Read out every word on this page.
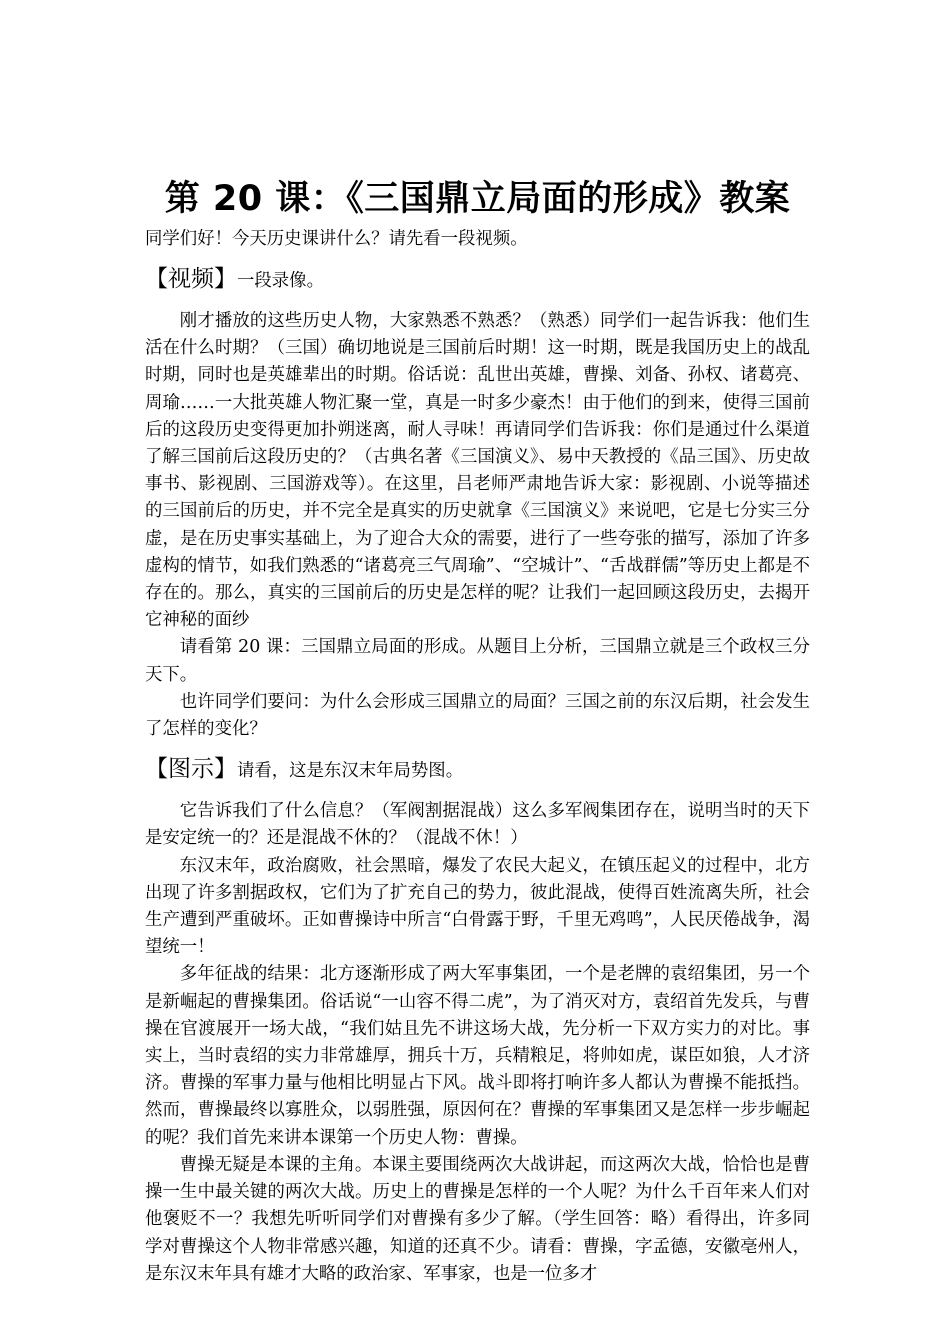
第 20 课：《三国鼎立局面的形成》教案

同学们好！今天历史课讲什么？请先看一段视频。

【视频】一段录像。

刚才播放的这些历史人物，大家熟悉不熟悉？（熟悉）同学们一起告诉我：他们生活在什么时期？（三国）确切地说是三国前后时期！这一时期，既是我国历史上的战乱时期，同时也是英雄辈出的时期。俗话说：乱世出英雄，曹操、刘备、孙权、诸葛亮、周瑜……一大批英雄人物汇聚一堂，真是一时多少豪杰！由于他们的到来，使得三国前后的这段历史变得更加扑朔迷离，耐人寻味！再请同学们告诉我：你们是通过什么渠道了解三国前后这段历史的？（古典名著《三国演义》、易中天教授的《品三国》、历史故事书、影视剧、三国游戏等）。在这里，吕老师严肃地告诉大家：影视剧、小说等描述的三国前后的历史，并不完全是真实的历史就拿《三国演义》来说吧，它是七分实三分虚，是在历史事实基础上，为了迎合大众的需要，进行了一些夸张的描写，添加了许多虚构的情节，如我们熟悉的“诸葛亮三气周瑜”、“空城计”、“舌战群儒”等历史上都是不存在的。那么，真实的三国前后的历史是怎样的呢？让我们一起回顾这段历史，去揭开它神秘的面纱

请看第 20 课：三国鼎立局面的形成。从题目上分析，三国鼎立就是三个政权三分天下。

也许同学们要问：为什么会形成三国鼎立的局面？三国之前的东汉后期，社会发生了怎样的变化？

【图示】请看，这是东汉末年局势图。

它告诉我们了什么信息？（军阀割据混战）这么多军阀集团存在，说明当时的天下是安定统一的？还是混战不休的？（混战不休！）

东汉末年，政治腐败，社会黑暗，爆发了农民大起义，在镇压起义的过程中，北方出现了许多割据政权，它们为了扩充自己的势力，彼此混战，使得百姓流离失所，社会生产遭到严重破坏。正如曹操诗中所言“白骨露于野，千里无鸡鸣”，人民厌倦战争，渴望统一！

多年征战的结果：北方逐渐形成了两大军事集团，一个是老牌的袁绍集团，另一个是新崛起的曹操集团。俗话说“一山容不得二虎”，为了消灭对方，袁绍首先发兵，与曹操在官渡展开一场大战，“我们姑且先不讲这场大战，先分析一下双方实力的对比。事实上，当时袁绍的实力非常雄厚，拥兵十万，兵精粮足，将帅如虎，谋臣如狼，人才济济。曹操的军事力量与他相比明显占下风。战斗即将打响许多人都认为曹操不能抵挡。然而，曹操最终以寡胜众，以弱胜强，原因何在？曹操的军事集团又是怎样一步步崛起的呢？我们首先来讲本课第一个历史人物：曹操。

曹操无疑是本课的主角。本课主要围绕两次大战讲起，而这两次大战，恰恰也是曹操一生中最关键的两次大战。历史上的曹操是怎样的一个人呢？为什么千百年来人们对他褒贬不一？我想先听听同学们对曹操有多少了解。（学生回答：略）看得出，许多同学对曹操这个人物非常感兴趣，知道的还真不少。请看：曹操，字孟德，安徽亳州人，是东汉末年具有雄才大略的政治家、军事家，也是一位多才
